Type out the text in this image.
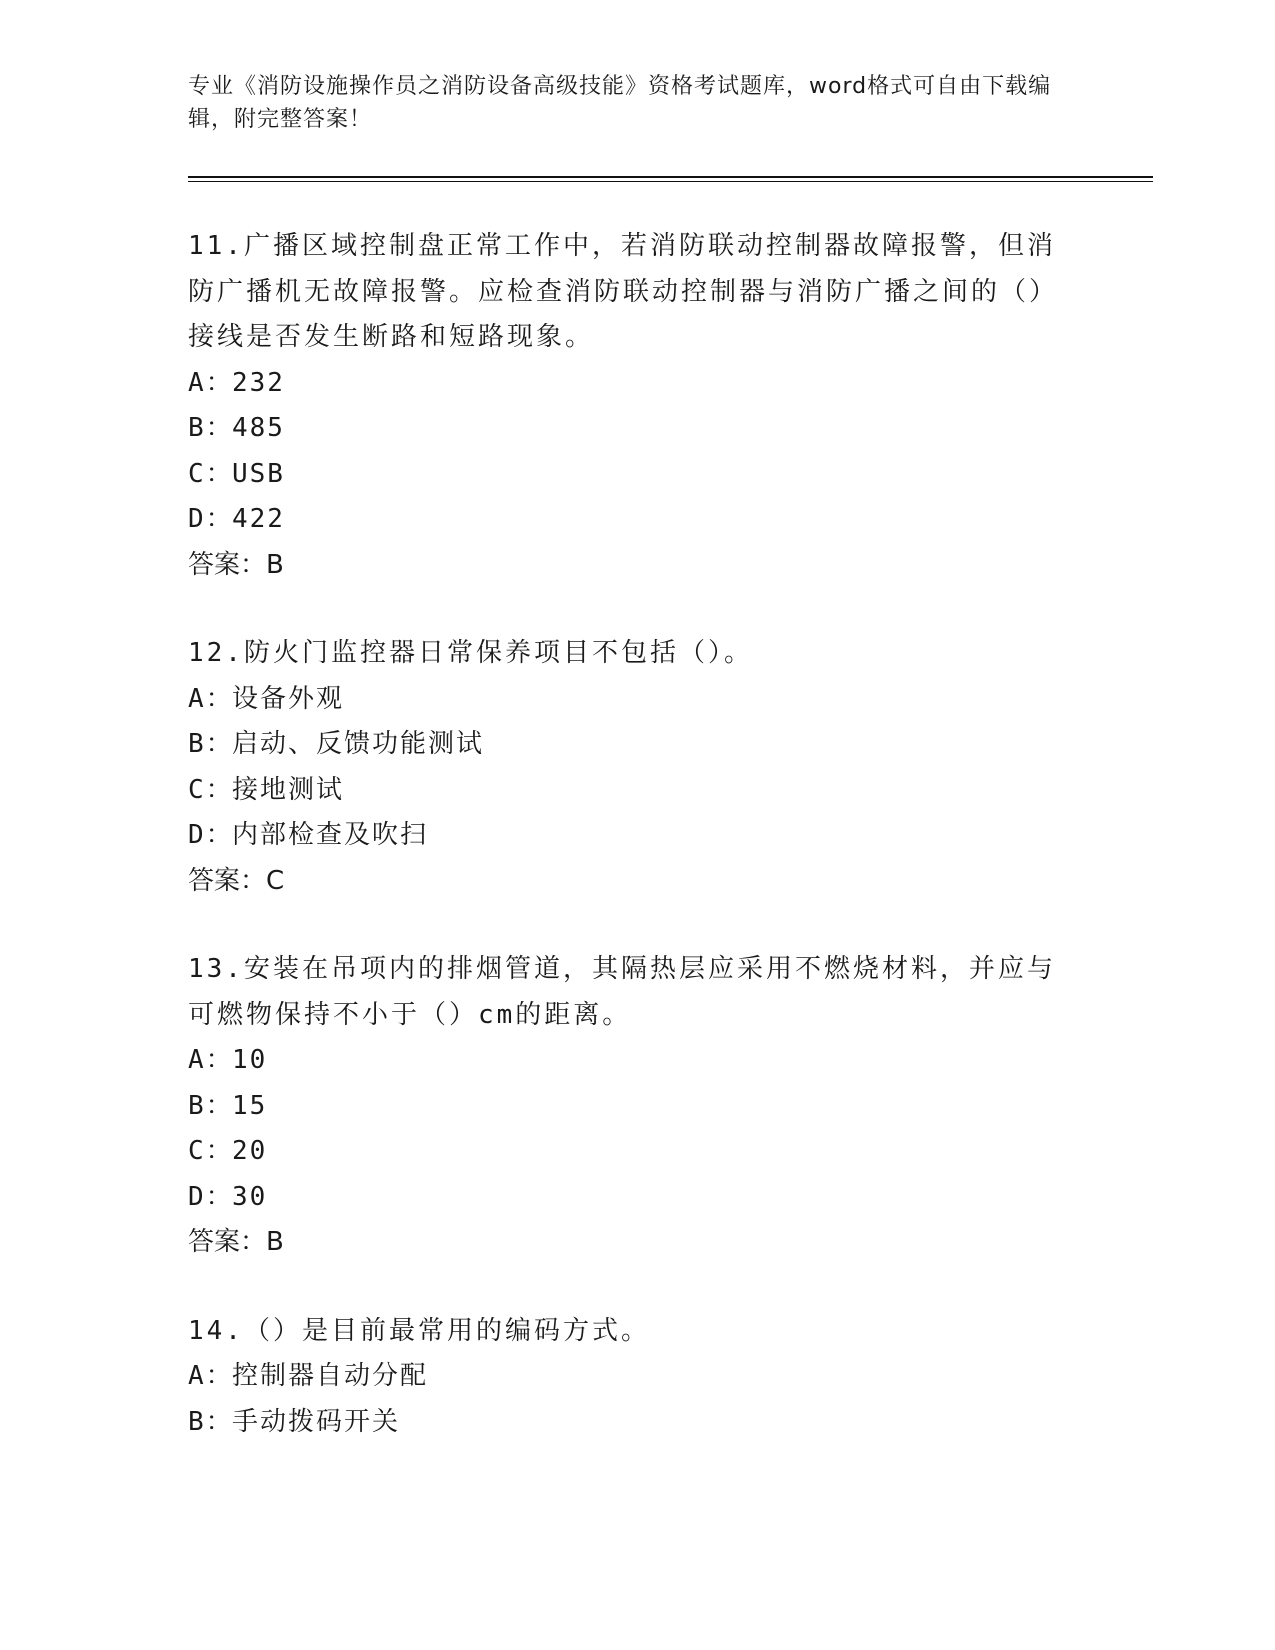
专业《消防设施操作员之消防设备高级技能》资格考试题库，word格式可自由下载编辑，附完整答案！

11.广播区域控制盘正常工作中，若消防联动控制器故障报警，但消防广播机无故障报警。应检查消防联动控制器与消防广播之间的（）接线是否发生断路和短路现象。

A：232

B：485

C：USB

D：422

答案：B

12.防火门监控器日常保养项目不包括（）。

A：设备外观

B：启动、反馈功能测试

C：接地测试

D：内部检查及吹扫

答案：C

13.安装在吊项内的排烟管道，其隔热层应采用不燃烧材料，并应与可燃物保持不小于（）cm的距离。

A：10

B：15

C：20

D：30

答案：B

14.（）是目前最常用的编码方式。

A：控制器自动分配

B：手动拨码开关
